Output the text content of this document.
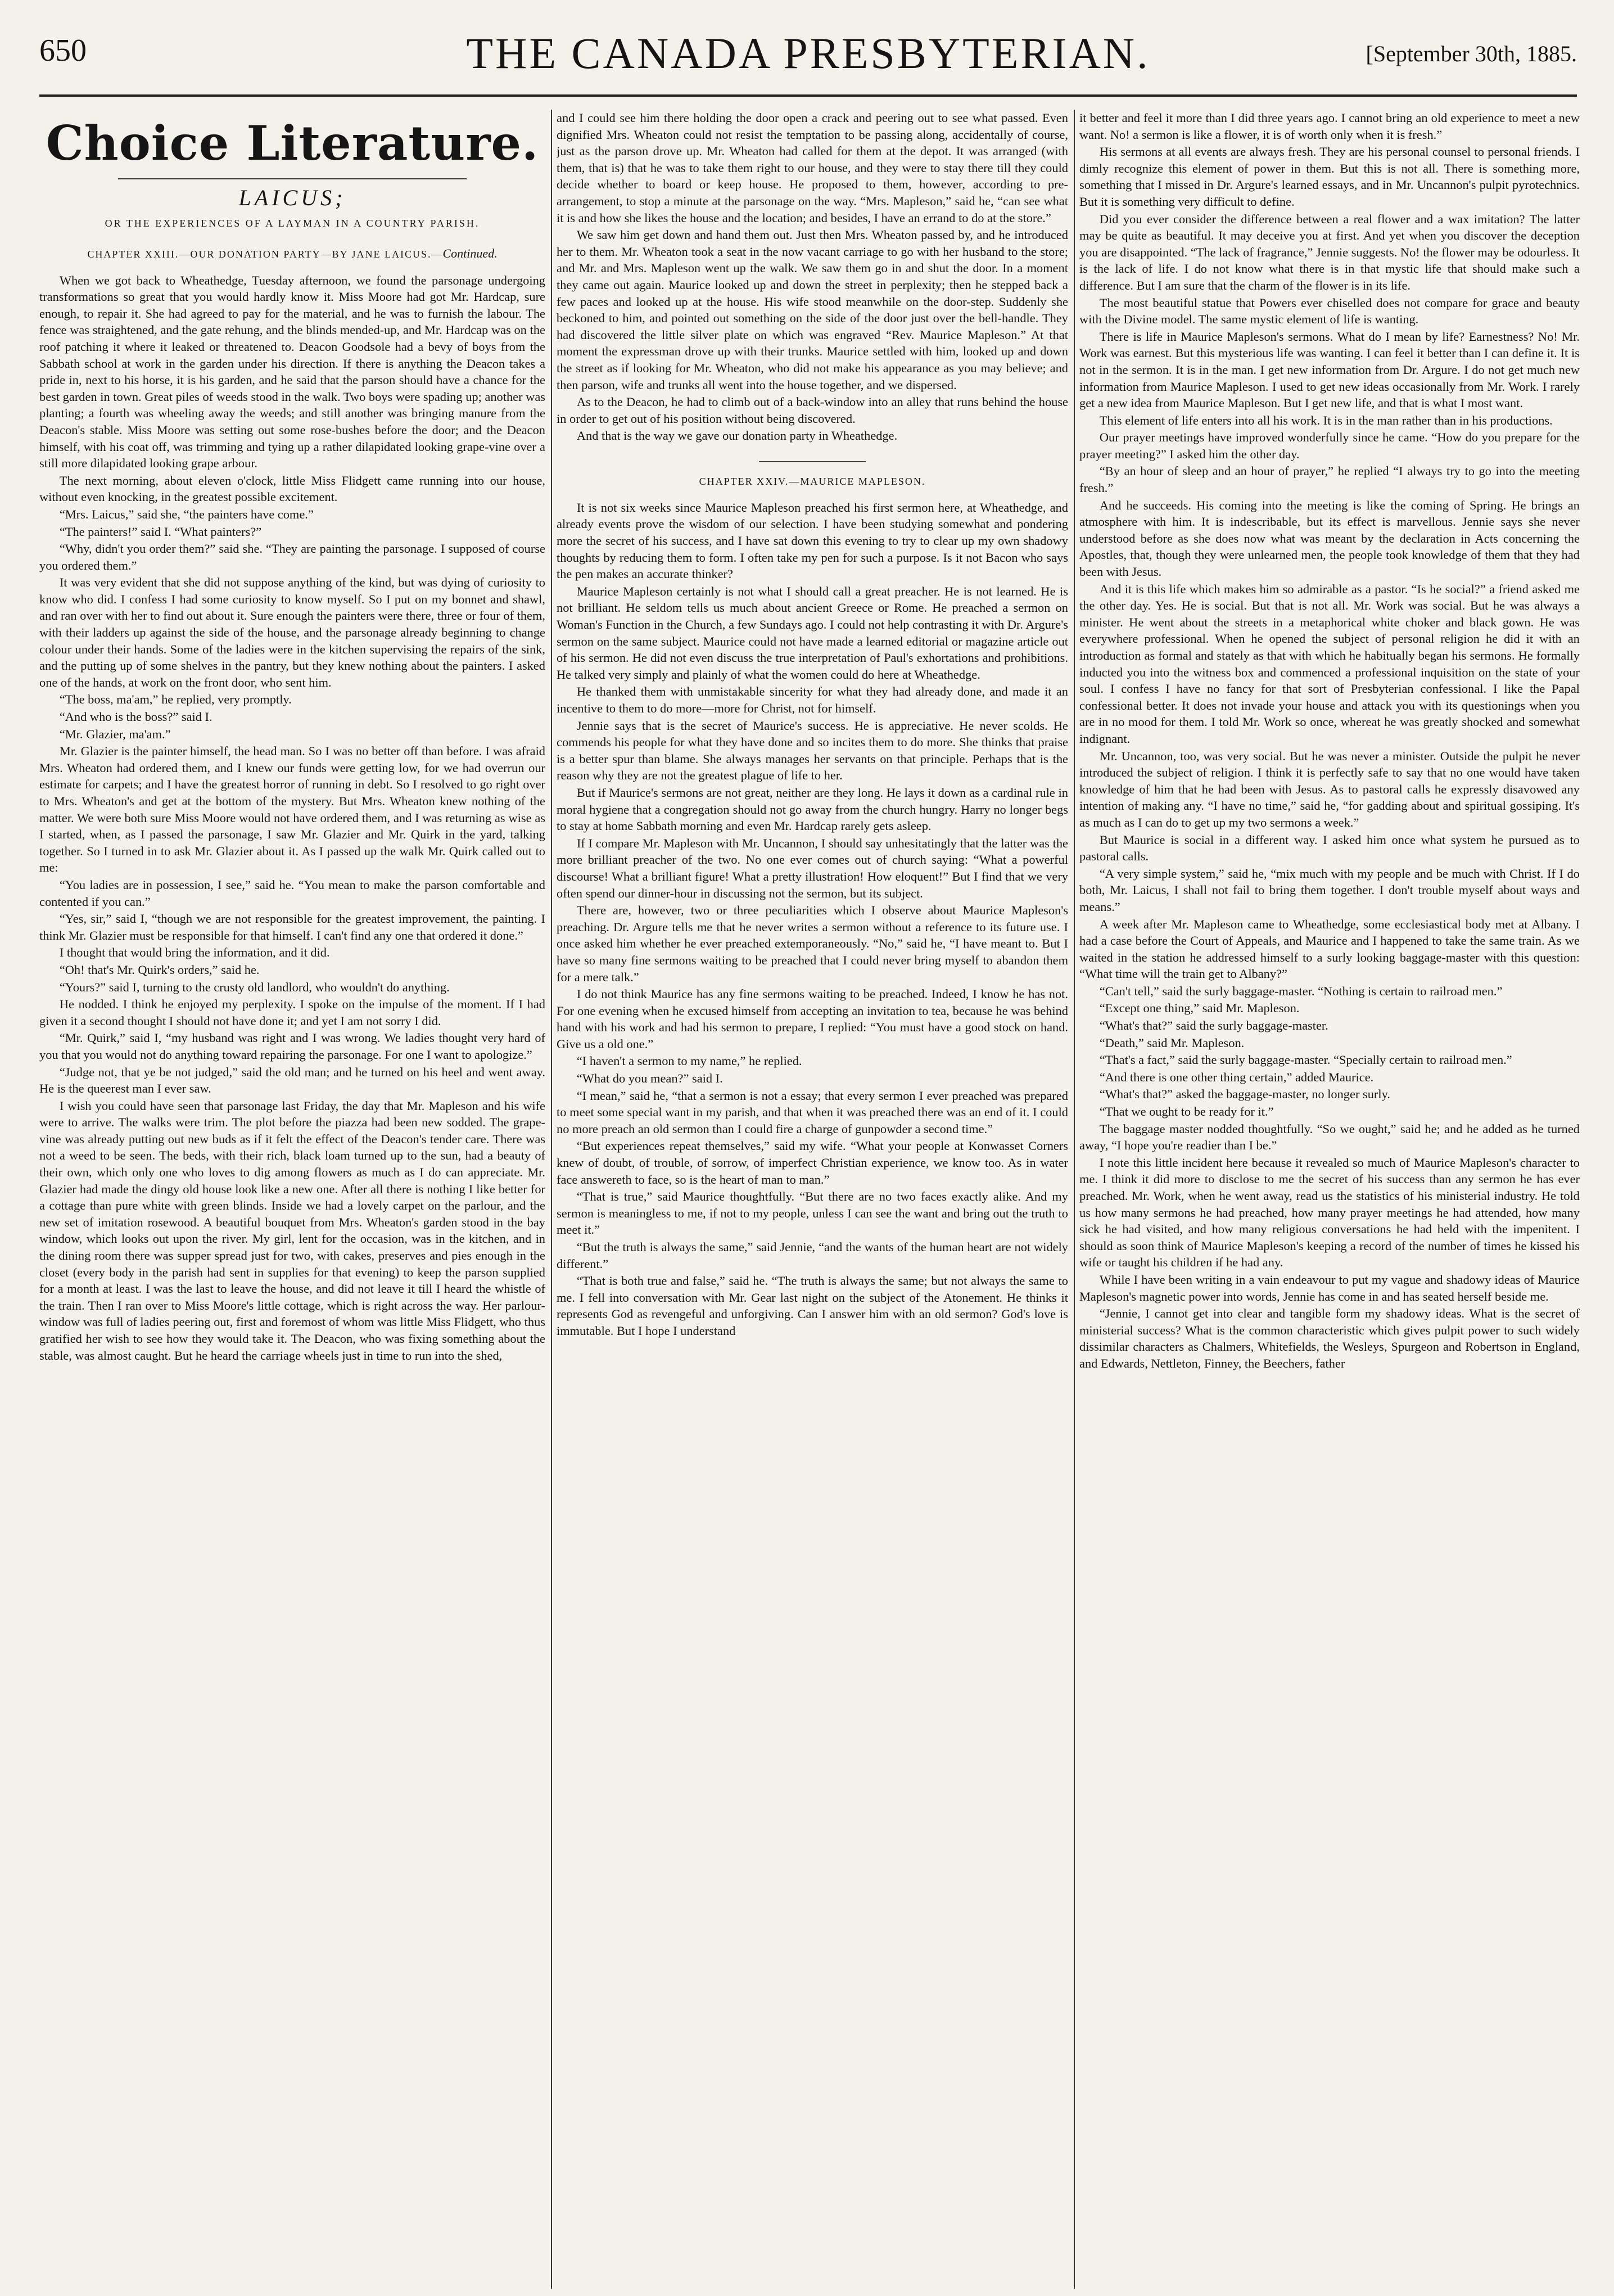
650	THE CANADA PRESBYTERIAN.	[September 30th, 1885.
Choice Literature.
LAICUS;
OR THE EXPERIENCES OF A LAYMAN IN A COUNTRY PARISH.
CHAPTER XXIII.—OUR DONATION PARTY—BY JANE LAICUS.—Continued.

When we got back to Wheathedge, Tuesday afternoon, we found the parsonage undergoing transformations so great that you would hardly know it. Miss Moore had got Mr. Hardcap, sure enough, to repair it. She had agreed to pay for the material, and he was to furnish the labour. The fence was straightened, and the gate rehung, and the blinds mended-up, and Mr. Hardcap was on the roof patching it where it leaked or threatened to. Deacon Goodsole had a bevy of boys from the Sabbath school at work in the garden under his direction. If there is anything the Deacon takes a pride in, next to his horse, it is his garden, and he said that the parson should have a chance for the best garden in town. Great piles of weeds stood in the walk. Two boys were spading up; another was planting; a fourth was wheeling away the weeds; and still another was bringing manure from the Deacon's stable. Miss Moore was setting out some rose-bushes before the door; and the Deacon himself, with his coat off, was trimming and tying up a rather dilapidated looking grape-vine over a still more dilapidated looking grape arbour.

The next morning, about eleven o'clock, little Miss Flidgett came running into our house, without even knocking, in the greatest possible excitement.

“Mrs. Laicus,” said she, “the painters have come.”

“The painters!” said I. “What painters?”

“Why, didn't you order them?” said she. “They are painting the parsonage. I supposed of course you ordered them.”

It was very evident that she did not suppose anything of the kind, but was dying of curiosity to know who did. I confess I had some curiosity to know myself. So I put on my bonnet and shawl, and ran over with her to find out about it. Sure enough the painters were there, three or four of them, with their ladders up against the side of the house, and the parsonage already beginning to change colour under their hands. Some of the ladies were in the kitchen supervising the repairs of the sink, and the putting up of some shelves in the pantry, but they knew nothing about the painters. I asked one of the hands, at work on the front door, who sent him.

“The boss, ma'am,” he replied, very promptly.

“And who is the boss?” said I.

“Mr. Glazier, ma'am.”

Mr. Glazier is the painter himself, the head man. So I was no better off than before. I was afraid Mrs. Wheaton had ordered them, and I knew our funds were getting low, for we had overrun our estimate for carpets; and I have the greatest horror of running in debt. So I resolved to go right over to Mrs. Wheaton's and get at the bottom of the mystery. But Mrs. Wheaton knew nothing of the matter. We were both sure Miss Moore would not have ordered them, and I was returning as wise as I started, when, as I passed the parsonage, I saw Mr. Glazier and Mr. Quirk in the yard, talking together. So I turned in to ask Mr. Glazier about it. As I passed up the walk Mr. Quirk called out to me:

“You ladies are in possession, I see,” said he. “You mean to make the parson comfortable and contented if you can.”

“Yes, sir,” said I, “though we are not responsible for the greatest improvement, the painting. I think Mr. Glazier must be responsible for that himself. I can't find any one that ordered it done.”

I thought that would bring the information, and it did.

“Oh! that's Mr. Quirk's orders,” said he.

“Yours?” said I, turning to the crusty old landlord, who wouldn't do anything.

He nodded. I think he enjoyed my perplexity. I spoke on the impulse of the moment. If I had given it a second thought I should not have done it; and yet I am not sorry I did.

“Mr. Quirk,” said I, “my husband was right and I was wrong. We ladies thought very hard of you that you would not do anything toward repairing the parsonage. For one I want to apologize.”

“Judge not, that ye be not judged,” said the old man; and he turned on his heel and went away. He is the queerest man I ever saw.

I wish you could have seen that parsonage last Friday, the day that Mr. Mapleson and his wife were to arrive. The walks were trim. The plot before the piazza had been new sodded. The grape-vine was already putting out new buds as if it felt the effect of the Deacon's tender care. There was not a weed to be seen. The beds, with their rich, black loam turned up to the sun, had a beauty of their own, which only one who loves to dig among flowers as much as I do can appreciate. Mr. Glazier had made the dingy old house look like a new one. After all there is nothing I like better for a cottage than pure white with green blinds. Inside we had a lovely carpet on the parlour, and the new set of imitation rosewood. A beautiful bouquet from Mrs. Wheaton's garden stood in the bay window, which looks out upon the river. My girl, lent for the occasion, was in the kitchen, and in the dining room there was supper spread just for two, with cakes, preserves and pies enough in the closet (every body in the parish had sent in supplies for that evening) to keep the parson supplied for a month at least. I was the last to leave the house, and did not leave it till I heard the whistle of the train. Then I ran over to Miss Moore's little cottage, which is right across the way. Her parlour-window was full of ladies peering out, first and foremost of whom was little Miss Flidgett, who thus gratified her wish to see how they would take it. The Deacon, who was fixing something about the stable, was almost caught. But he heard the carriage wheels just in time to run into the shed,

and I could see him there holding the door open a crack and peering out to see what passed. Even dignified Mrs. Wheaton could not resist the temptation to be passing along, accidentally of course, just as the parson drove up. Mr. Wheaton had called for them at the depot. It was arranged (with them, that is) that he was to take them right to our house, and they were to stay there till they could decide whether to board or keep house. He proposed to them, however, according to pre-arrangement, to stop a minute at the parsonage on the way. “Mrs. Mapleson,” said he, “can see what it is and how she likes the house and the location; and besides, I have an errand to do at the store.”

We saw him get down and hand them out. Just then Mrs. Wheaton passed by, and he introduced her to them. Mr. Wheaton took a seat in the now vacant carriage to go with her husband to the store; and Mr. and Mrs. Mapleson went up the walk. We saw them go in and shut the door. In a moment they came out again. Maurice looked up and down the street in perplexity; then he stepped back a few paces and looked up at the house. His wife stood meanwhile on the door-step. Suddenly she beckoned to him, and pointed out something on the side of the door just over the bell-handle. They had discovered the little silver plate on which was engraved “Rev. Maurice Mapleson.” At that moment the expressman drove up with their trunks. Maurice settled with him, looked up and down the street as if looking for Mr. Wheaton, who did not make his appearance as you may believe; and then parson, wife and trunks all went into the house together, and we dispersed.

As to the Deacon, he had to climb out of a back-window into an alley that runs behind the house in order to get out of his position without being discovered.

And that is the way we gave our donation party in Wheathedge.

CHAPTER XXIV.—MAURICE MAPLESON.

It is not six weeks since Maurice Mapleson preached his first sermon here, at Wheathedge, and already events prove the wisdom of our selection. I have been studying somewhat and pondering more the secret of his success, and I have sat down this evening to try to clear up my own shadowy thoughts by reducing them to form. I often take my pen for such a purpose. Is it not Bacon who says the pen makes an accurate thinker?

Maurice Mapleson certainly is not what I should call a great preacher. He is not learned. He is not brilliant. He seldom tells us much about ancient Greece or Rome. He preached a sermon on Woman's Function in the Church, a few Sundays ago. I could not help contrasting it with Dr. Argure's sermon on the same subject. Maurice could not have made a learned editorial or magazine article out of his sermon. He did not even discuss the true interpretation of Paul's exhortations and prohibitions. He talked very simply and plainly of what the women could do here at Wheathedge.

He thanked them with unmistakable sincerity for what they had already done, and made it an incentive to them to do more—more for Christ, not for himself.

Jennie says that is the secret of Maurice's success. He is appreciative. He never scolds. He commends his people for what they have done and so incites them to do more. She thinks that praise is a better spur than blame. She always manages her servants on that principle. Perhaps that is the reason why they are not the greatest plague of life to her.

But if Maurice's sermons are not great, neither are they long. He lays it down as a cardinal rule in moral hygiene that a congregation should not go away from the church hungry. Harry no longer begs to stay at home Sabbath morning and even Mr. Hardcap rarely gets asleep.

If I compare Mr. Mapleson with Mr. Uncannon, I should say unhesitatingly that the latter was the more brilliant preacher of the two. No one ever comes out of church saying: “What a powerful discourse! What a brilliant figure! What a pretty illustration! How eloquent!” But I find that we very often spend our dinner-hour in discussing not the sermon, but its subject.

There are, however, two or three peculiarities which I observe about Maurice Mapleson's preaching. Dr. Argure tells me that he never writes a sermon without a reference to its future use. I once asked him whether he ever preached extemporaneously. “No,” said he, “I have meant to. But I have so many fine sermons waiting to be preached that I could never bring myself to abandon them for a mere talk.”

I do not think Maurice has any fine sermons waiting to be preached. Indeed, I know he has not. For one evening when he excused himself from accepting an invitation to tea, because he was behind hand with his work and had his sermon to prepare, I replied: “You must have a good stock on hand. Give us a old one.”

“I haven't a sermon to my name,” he replied.

“What do you mean?” said I.

“I mean,” said he, “that a sermon is not a essay; that every sermon I ever preached was prepared to meet some special want in my parish, and that when it was preached there was an end of it. I could no more preach an old sermon than I could fire a charge of gunpowder a second time.”

“But experiences repeat themselves,” said my wife. “What your people at Konwasset Corners knew of doubt, of trouble, of sorrow, of imperfect Christian experience, we know too. As in water face answereth to face, so is the heart of man to man.”

“That is true,” said Maurice thoughtfully. “But there are no two faces exactly alike. And my sermon is meaningless to me, if not to my people, unless I can see the want and bring out the truth to meet it.”

“But the truth is always the same,” said Jennie, “and the wants of the human heart are not widely different.”

“That is both true and false,” said he. “The truth is always the same; but not always the same to me. I fell into conversation with Mr. Gear last night on the subject of the Atonement. He thinks it represents God as revengeful and unforgiving. Can I answer him with an old sermon? God's love is immutable. But I hope I understand

it better and feel it more than I did three years ago. I cannot bring an old experience to meet a new want. No! a sermon is like a flower, it is of worth only when it is fresh.”

His sermons at all events are always fresh. They are his personal counsel to personal friends. I dimly recognize this element of power in them. But this is not all. There is something more, something that I missed in Dr. Argure's learned essays, and in Mr. Uncannon's pulpit pyrotechnics. But it is something very difficult to define.

Did you ever consider the difference between a real flower and a wax imitation? The latter may be quite as beautiful. It may deceive you at first. And yet when you discover the deception you are disappointed. “The lack of fragrance,” Jennie suggests. No! the flower may be odourless. It is the lack of life. I do not know what there is in that mystic life that should make such a difference. But I am sure that the charm of the flower is in its life.

The most beautiful statue that Powers ever chiselled does not compare for grace and beauty with the Divine model. The same mystic element of life is wanting.

There is life in Maurice Mapleson's sermons. What do I mean by life? Earnestness? No! Mr. Work was earnest. But this mysterious life was wanting. I can feel it better than I can define it. It is not in the sermon. It is in the man. I get new information from Dr. Argure. I do not get much new information from Maurice Mapleson. I used to get new ideas occasionally from Mr. Work. I rarely get a new idea from Maurice Mapleson. But I get new life, and that is what I most want.

This element of life enters into all his work. It is in the man rather than in his productions.

Our prayer meetings have improved wonderfully since he came. “How do you prepare for the prayer meeting?” I asked him the other day.

“By an hour of sleep and an hour of prayer,” he replied “I always try to go into the meeting fresh.”

And he succeeds. His coming into the meeting is like the coming of Spring. He brings an atmosphere with him. It is indescribable, but its effect is marvellous. Jennie says she never understood before as she does now what was meant by the declaration in Acts concerning the Apostles, that, though they were unlearned men, the people took knowledge of them that they had been with Jesus.

And it is this life which makes him so admirable as a pastor. “Is he social?” a friend asked me the other day. Yes. He is social. But that is not all. Mr. Work was social. But he was always a minister. He went about the streets in a metaphorical white choker and black gown. He was everywhere professional. When he opened the subject of personal religion he did it with an introduction as formal and stately as that with which he habitually began his sermons. He formally inducted you into the witness box and commenced a professional inquisition on the state of your soul. I confess I have no fancy for that sort of Presbyterian confessional. I like the Papal confessional better. It does not invade your house and attack you with its questionings when you are in no mood for them. I told Mr. Work so once, whereat he was greatly shocked and somewhat indignant.

Mr. Uncannon, too, was very social. But he was never a minister. Outside the pulpit he never introduced the subject of religion. I think it is perfectly safe to say that no one would have taken knowledge of him that he had been with Jesus. As to pastoral calls he expressly disavowed any intention of making any. “I have no time,” said he, “for gadding about and spiritual gossiping. It's as much as I can do to get up my two sermons a week.”

But Maurice is social in a different way. I asked him once what system he pursued as to pastoral calls.

“A very simple system,” said he, “mix much with my people and be much with Christ. If I do both, Mr. Laicus, I shall not fail to bring them together. I don't trouble myself about ways and means.”

A week after Mr. Mapleson came to Wheathedge, some ecclesiastical body met at Albany. I had a case before the Court of Appeals, and Maurice and I happened to take the same train. As we waited in the station he addressed himself to a surly looking baggage-master with this question: “What time will the train get to Albany?”

“Can't tell,” said the surly baggage-master. “Nothing is certain to railroad men.”

“Except one thing,” said Mr. Mapleson.

“What's that?” said the surly baggage-master.

“Death,” said Mr. Mapleson.

“That's a fact,” said the surly baggage-master. “Specially certain to railroad men.”

“And there is one other thing certain,” added Maurice.

“What's that?” asked the baggage-master, no longer surly.

“That we ought to be ready for it.”

The baggage master nodded thoughtfully. “So we ought,” said he; and he added as he turned away, “I hope you're readier than I be.”

I note this little incident here because it revealed so much of Maurice Mapleson's character to me. I think it did more to disclose to me the secret of his success than any sermon he has ever preached. Mr. Work, when he went away, read us the statistics of his ministerial industry. He told us how many sermons he had preached, how many prayer meetings he had attended, how many sick he had visited, and how many religious conversations he had held with the impenitent. I should as soon think of Maurice Mapleson's keeping a record of the number of times he kissed his wife or taught his children if he had any.

While I have been writing in a vain endeavour to put my vague and shadowy ideas of Maurice Mapleson's magnetic power into words, Jennie has come in and has seated herself beside me.

“Jennie, I cannot get into clear and tangible form my shadowy ideas. What is the secret of ministerial success? What is the common characteristic which gives pulpit power to such widely dissimilar characters as Chalmers, Whitefields, the Wesleys, Spurgeon and Robertson in England, and Edwards, Nettleton, Finney, the Beechers, father
